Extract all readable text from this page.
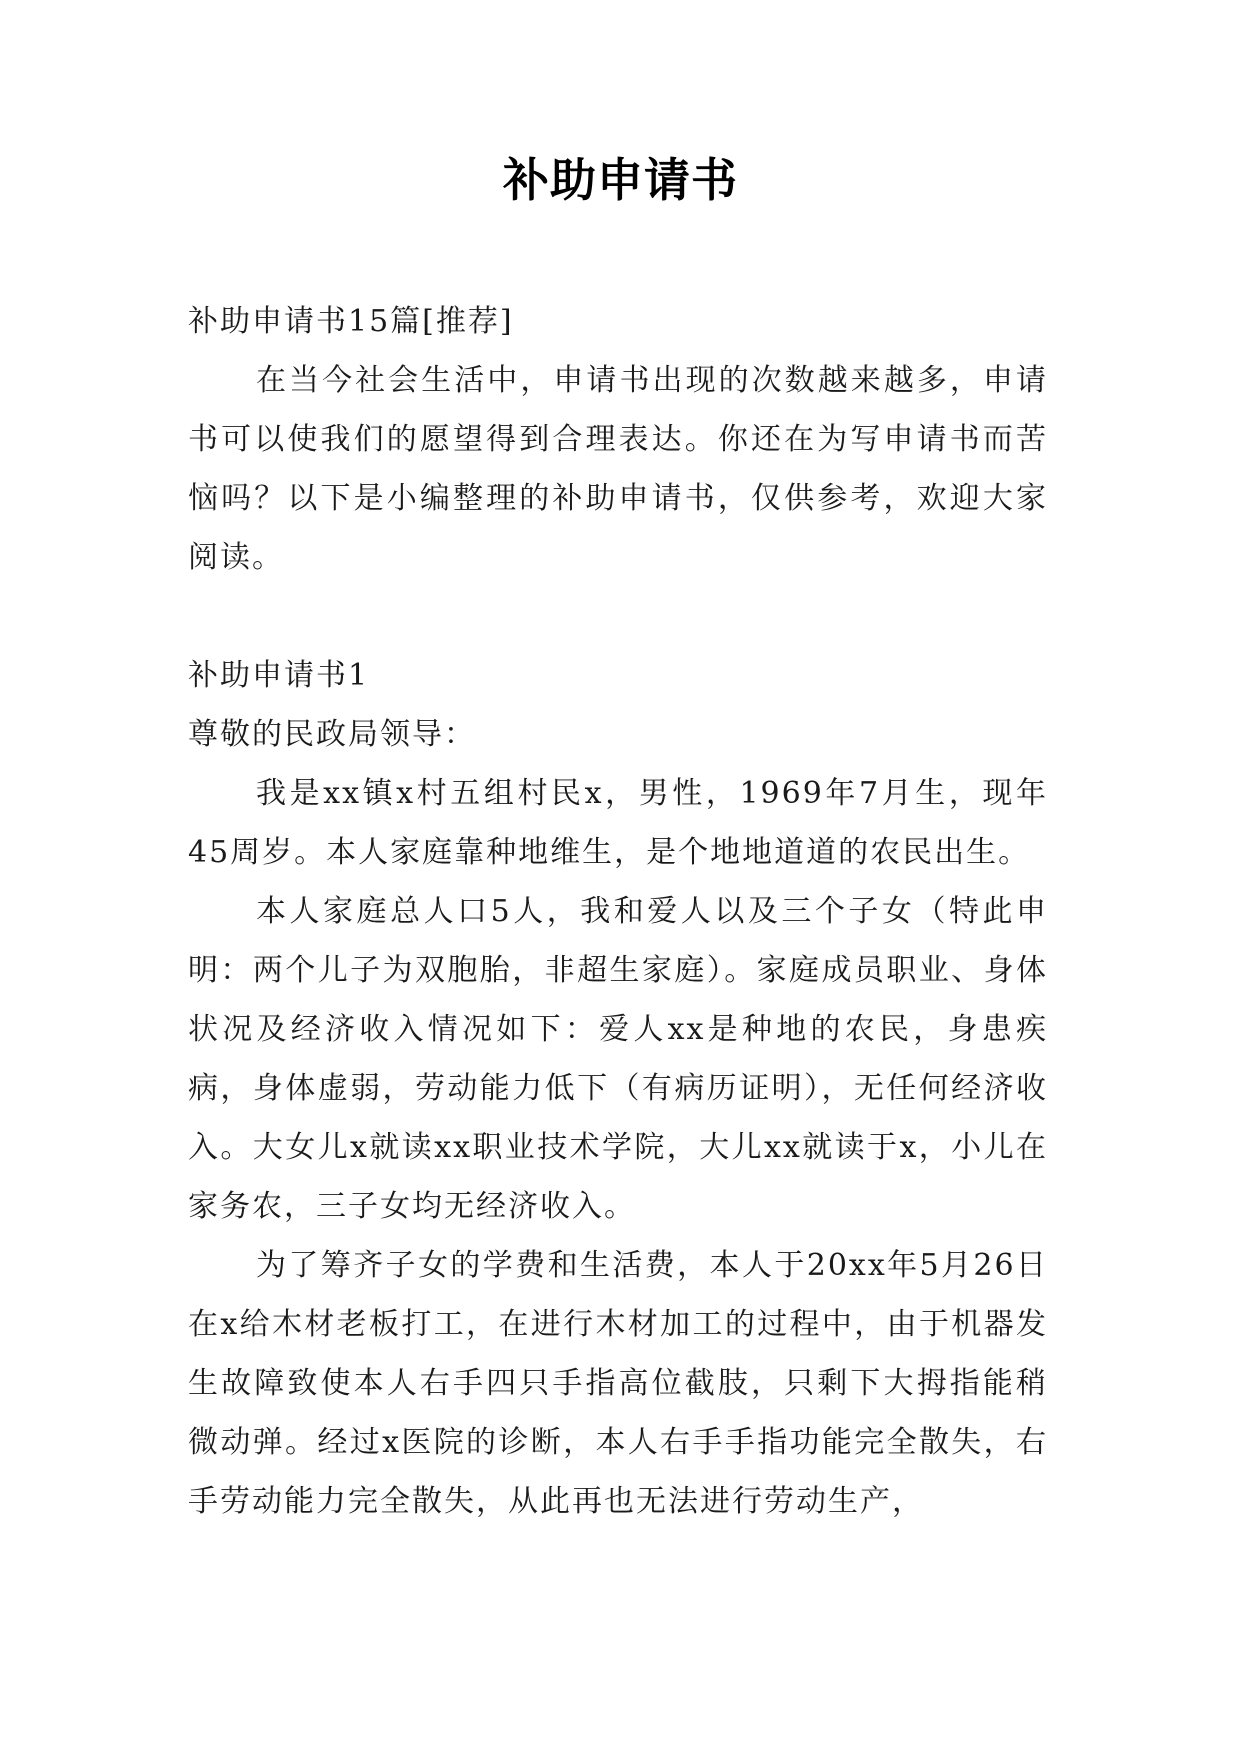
补助申请书

补助申请书15篇[推荐]

在当今社会生活中，申请书出现的次数越来越多，申请书可以使我们的愿望得到合理表达。你还在为写申请书而苦恼吗？以下是小编整理的补助申请书，仅供参考，欢迎大家阅读。

补助申请书1

尊敬的民政局领导：

我是xx镇x村五组村民x，男性，1969年7月生，现年45周岁。本人家庭靠种地维生，是个地地道道的农民出生。

本人家庭总人口5人，我和爱人以及三个子女（特此申明：两个儿子为双胞胎，非超生家庭）。家庭成员职业、身体状况及经济收入情况如下：爱人xx是种地的农民，身患疾病，身体虚弱，劳动能力低下（有病历证明），无任何经济收入。大女儿x就读xx职业技术学院，大儿xx就读于x，小儿在家务农，三子女均无经济收入。

为了筹齐子女的学费和生活费，本人于20xx年5月26日在x给木材老板打工，在进行木材加工的过程中，由于机器发生故障致使本人右手四只手指高位截肢，只剩下大拇指能稍微动弹。经过x医院的诊断，本人右手手指功能完全散失，右手劳动能力完全散失，从此再也无法进行劳动生产，
